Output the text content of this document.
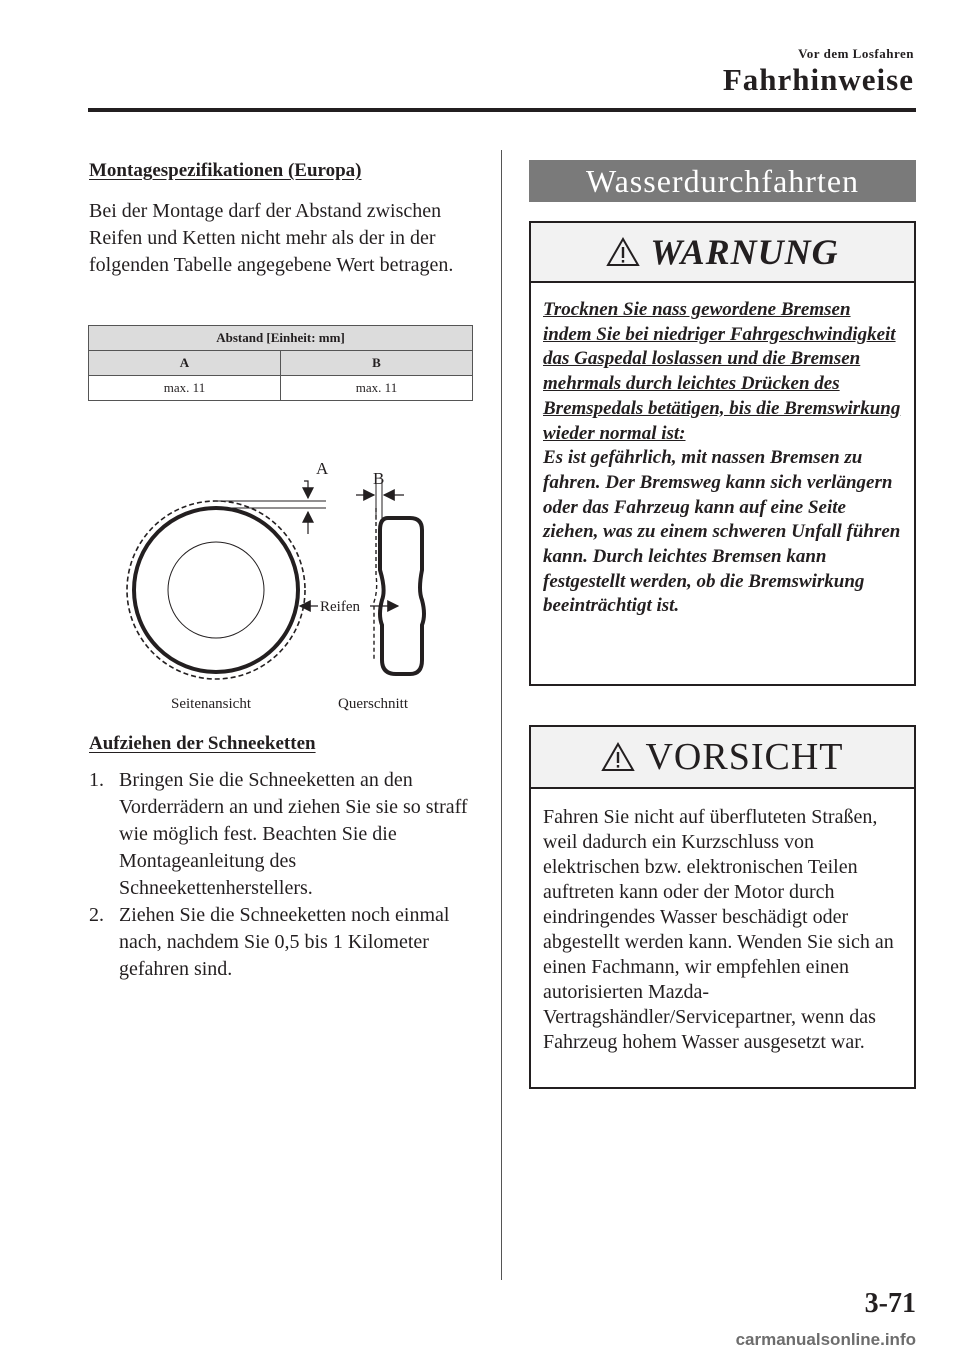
Vor dem Losfahren
Fahrhinweise
Montagespezifikationen (Europa)
Bei der Montage darf der Abstand zwischen Reifen und Ketten nicht mehr als der in der folgenden Tabelle angegebene Wert betragen.
Abstand [Einheit: mm]	
A	B
max. 11	max. 11
A
B
Reifen
Seitenansicht	Querschnitt
Aufziehen der Schneeketten
1. Bringen Sie die Schneeketten an den Vorderrädern an und ziehen Sie sie so straff wie möglich fest. Beachten Sie die Montageanleitung des Schneekettenherstellers.
2. Ziehen Sie die Schneeketten noch einmal nach, nachdem Sie 0,5 bis 1 Kilometer gefahren sind.
Wasserdurchfahrten
WARNUNG
Trocknen Sie nass gewordene Bremsen indem Sie bei niedriger Fahrgeschwindigkeit das Gaspedal loslassen und die Bremsen mehrmals durch leichtes Drücken des Bremspedals betätigen, bis die Bremswirkung wieder normal ist:
Es ist gefährlich, mit nassen Bremsen zu fahren. Der Bremsweg kann sich verlängern oder das Fahrzeug kann auf eine Seite ziehen, was zu einem schweren Unfall führen kann. Durch leichtes Bremsen kann festgestellt werden, ob die Bremswirkung beeinträchtigt ist.
VORSICHT
Fahren Sie nicht auf überfluteten Straßen, weil dadurch ein Kurzschluss von elektrischen bzw. elektronischen Teilen auftreten kann oder der Motor durch eindringendes Wasser beschädigt oder abgestellt werden kann. Wenden Sie sich an einen Fachmann, wir empfehlen einen autorisierten Mazda-Vertragshändler/Servicepartner, wenn das Fahrzeug hohem Wasser ausgesetzt war.
3-71
carmanualsonline.info
